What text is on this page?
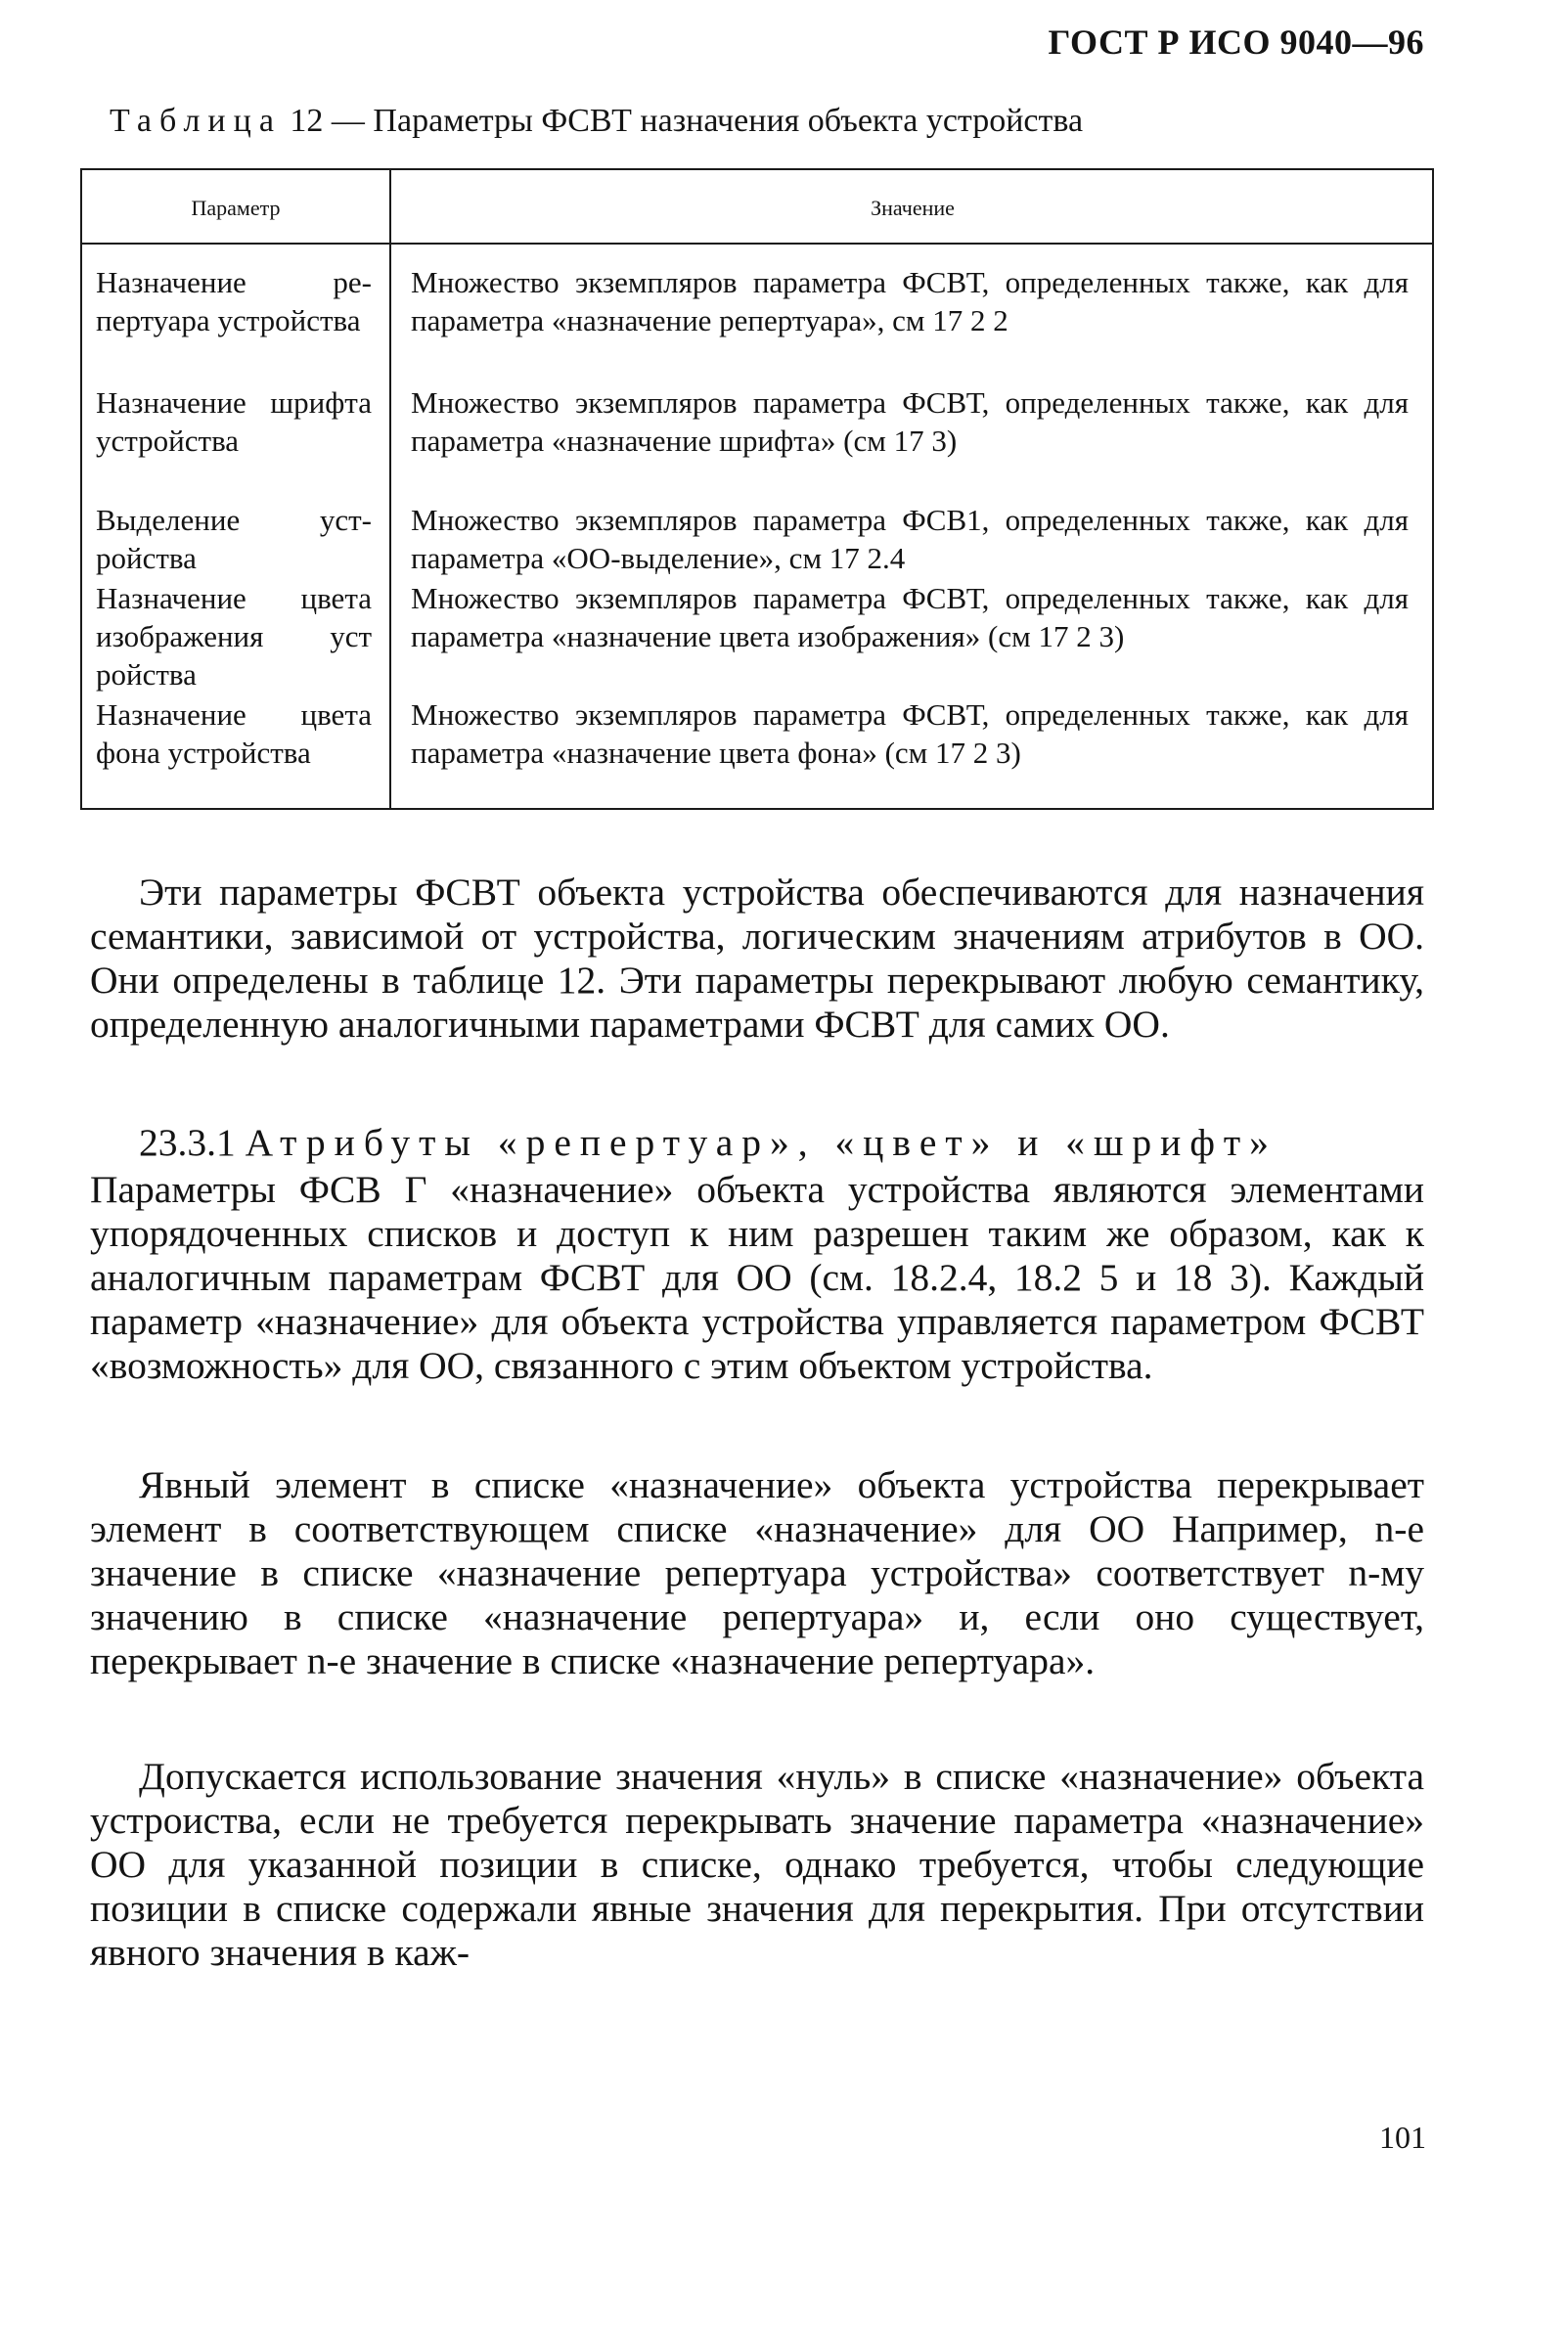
ГОСТ Р ИСО 9040—96
Таблица 12 — Параметры ФСВТ назначения объекта устройства
Параметр	Значение
Назначение репертуара устройства
Множество экземпляров параметра ФСВТ, определенных также, как для параметра «назначение репертуара», см 17 2 2
Назначение шрифта устройства
Множество экземпляров параметра ФСВТ, определенных также, как для параметра «назначение шрифта» (см 17 3)
Выделение устройства
Множество экземпляров параметра ФСВ1, определенных также, как для параметра «ОО-выделение», см 17 2.4
Назначение цвета изображения уст ройства
Множество экземпляров параметра ФСВТ, определенных также, как для параметра «назначение цвета изображения» (см 17 2 3)
Назначение цвета фона устройства
Множество экземпляров параметра ФСВТ, определенных также, как для параметра «назначение цвета фона» (см 17 2 3)
Эти параметры ФСВТ объекта устройства обеспечиваются для назначения семантики, зависимой от устройства, логическим значениям атрибутов в ОО. Они определены в таблице 12. Эти параметры перекрывают любую семантику, определенную аналогичными параметрами ФСВТ для самих ОО.
23.3.1 Атрибуты «репертуар», «цвет» и «шрифт»
Параметры ФСВ Г «назначение» объекта устройства являются элементами упорядоченных списков и доступ к ним разрешен таким же образом, как к аналогичным параметрам ФСВТ для ОО (см. 18.2.4, 18.2 5 и 18 3). Каждый параметр «назначение» для объекта устройства управляется параметром ФСВТ «возможность» для ОО, связанного с этим объектом устройства.
Явный элемент в списке «назначение» объекта устройства перекрывает элемент в соответствующем списке «назначение» для ОО Например, n-е значение в списке «назначение репертуара устройства» соответствует n-му значению в списке «назначение репертуара» и, если оно существует, перекрывает n-е значение в списке «назначение репертуара».
Допускается использование значения «нуль» в списке «назначение» объекта устроиства, если не требуется перекрывать значение параметра «назначение» ОО для указанной позиции в списке, однако требуется, чтобы следующие позиции в списке содержали явные значения для перекрытия. При отсутствии явного значения в каж-
101
